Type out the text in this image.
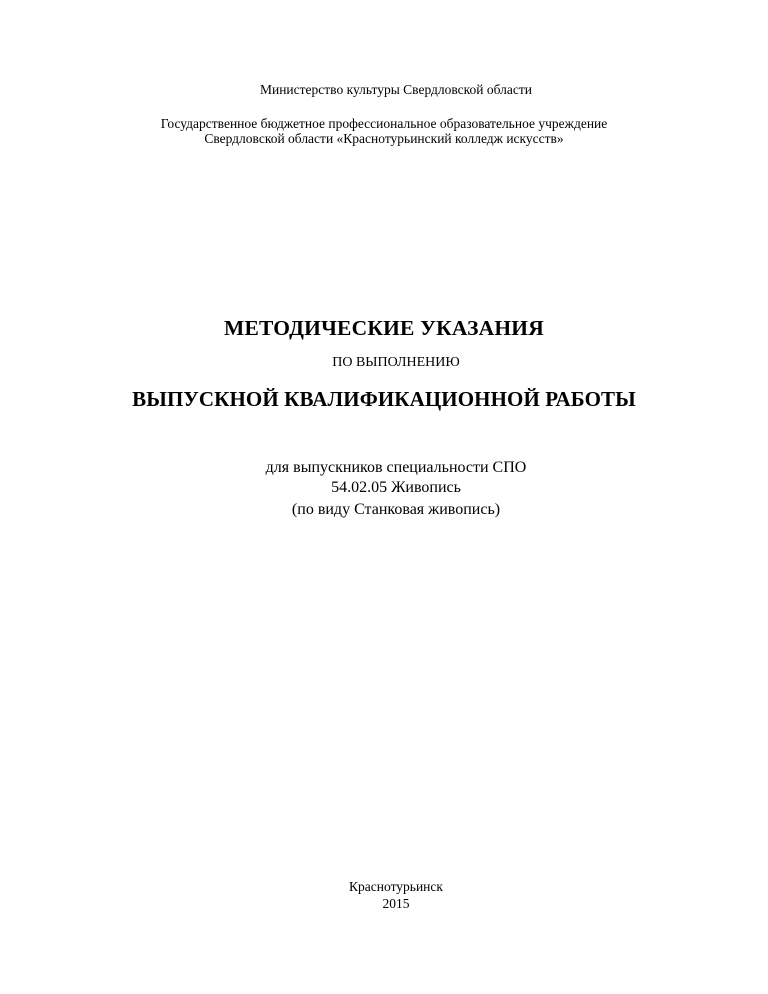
Министерство культуры Свердловской области
Государственное бюджетное профессиональное образовательное учреждение
Свердловской области «Краснотурьинский колледж искусств»
МЕТОДИЧЕСКИЕ УКАЗАНИЯ
ПО ВЫПОЛНЕНИЮ
ВЫПУСКНОЙ КВАЛИФИКАЦИОННОЙ РАБОТЫ
для выпускников специальности СПО
54.02.05 Живопись
(по виду Станковая живопись)
Краснотурьинск
2015
